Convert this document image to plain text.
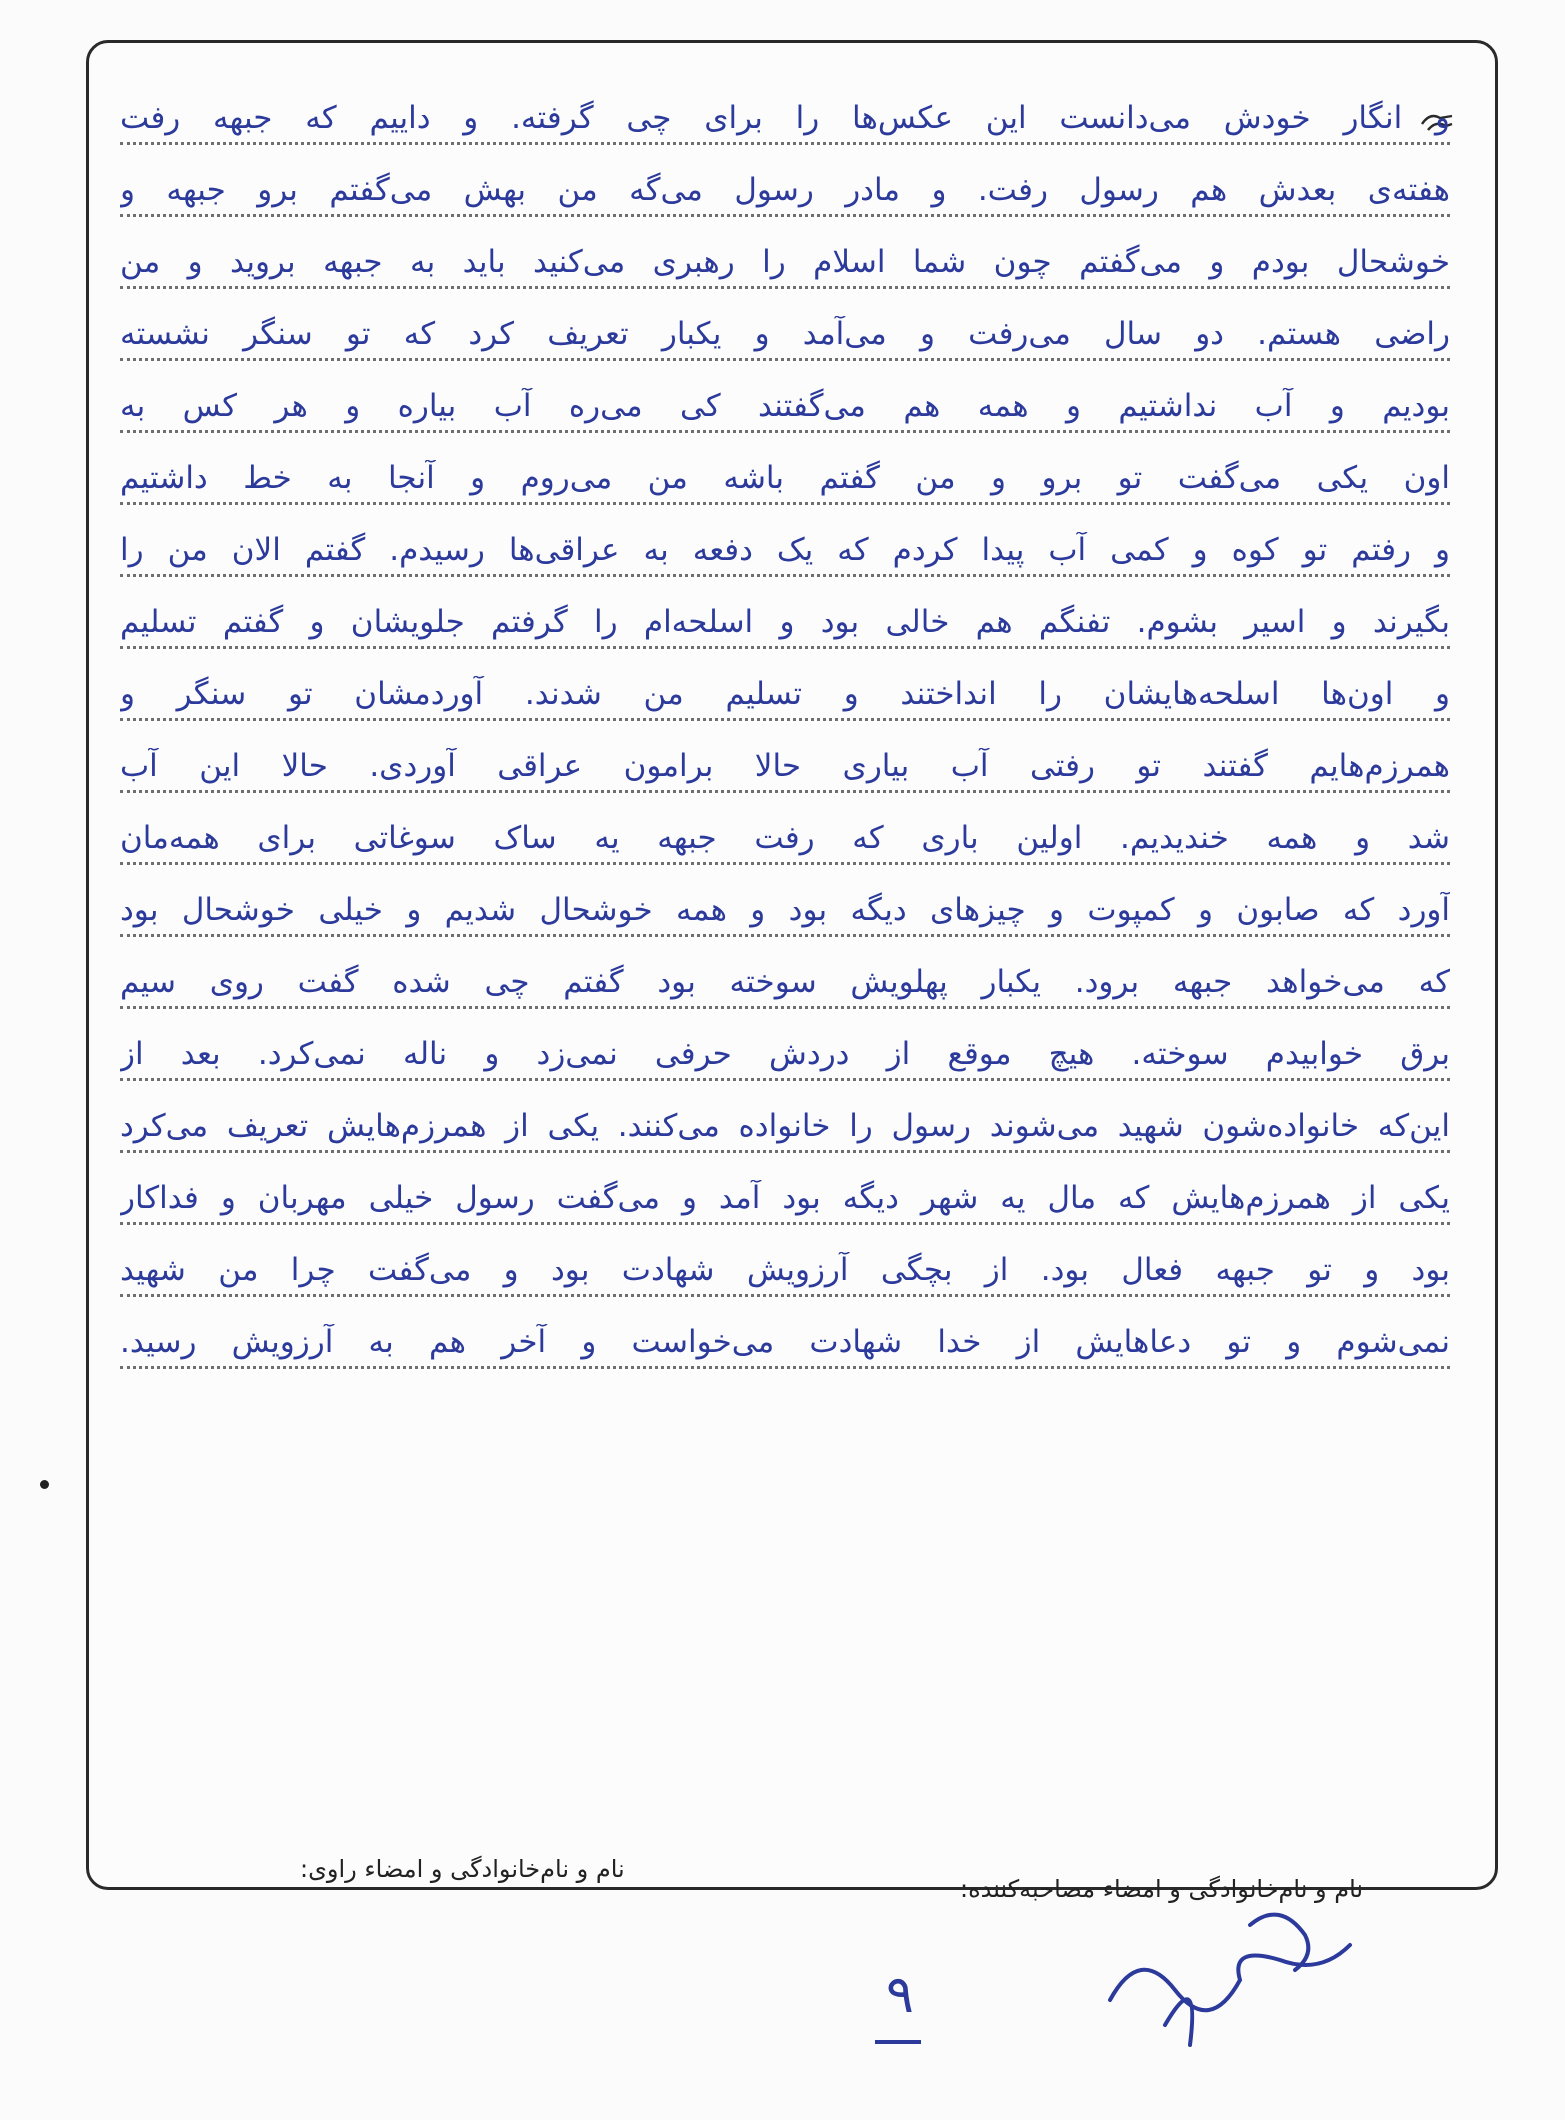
و انگار خودش می‌دانست این عکس‌ها را برای چی گرفته. و داییم که جبهه رفت
هفته‌ی بعدش هم رسول رفت. و مادر رسول می‌گه من بهش می‌گفتم برو جبهه و
خوشحال بودم و می‌گفتم چون شما اسلام را رهبری می‌کنید باید به جبهه بروید و من
راضی هستم. دو سال می‌رفت و می‌آمد و یکبار تعریف کرد که تو سنگر نشسته
بودیم و آب نداشتیم و همه هم می‌گفتند کی می‌ره آب بیاره و هر کس به
اون یکی می‌گفت تو برو و من گفتم باشه من می‌روم و آنجا به خط داشتیم
و رفتم تو کوه و کمی آب پیدا کردم که یک دفعه به عراقی‌ها رسیدم. گفتم الان من را
بگیرند و اسیر بشوم. تفنگم هم خالی بود و اسلحه‌ام را گرفتم جلویشان و گفتم تسلیم
و اون‌ها اسلحه‌هایشان را انداختند و تسلیم من شدند. آوردمشان تو سنگر و
همرزم‌هایم گفتند تو رفتی آب بیاری حالا برامون عراقی آوردی. حالا این آب
شد و همه خندیدیم. اولین باری که رفت جبهه یه ساک سوغاتی برای همه‌مان
آورد که صابون و کمپوت و چیزهای دیگه بود و همه خوشحال شدیم و خیلی خوشحال بود
که می‌خواهد جبهه برود. یکبار پهلویش سوخته بود گفتم چی شده گفت روی سیم
برق خوابیدم سوخته. هیچ موقع از دردش حرفی نمی‌زد و ناله نمی‌کرد. بعد از
این‌که خانواده‌شون شهید می‌شوند رسول را خانواده می‌کنند. یکی از همرزم‌هایش تعریف می‌کرد
یکی از همرزم‌هایش که مال یه شهر دیگه بود آمد و می‌گفت رسول خیلی مهربان و فداکار
بود و تو جبهه فعال بود. از بچگی آرزویش شهادت بود و می‌گفت چرا من شهید
نمی‌شوم و تو دعاهایش از خدا شهادت می‌خواست و آخر هم به آرزویش رسید.
نام و نام‌خانوادگی و امضاء راوی:
نام و نام‌خانوادگی و امضاء مصاحبه‌کننده:
۹
